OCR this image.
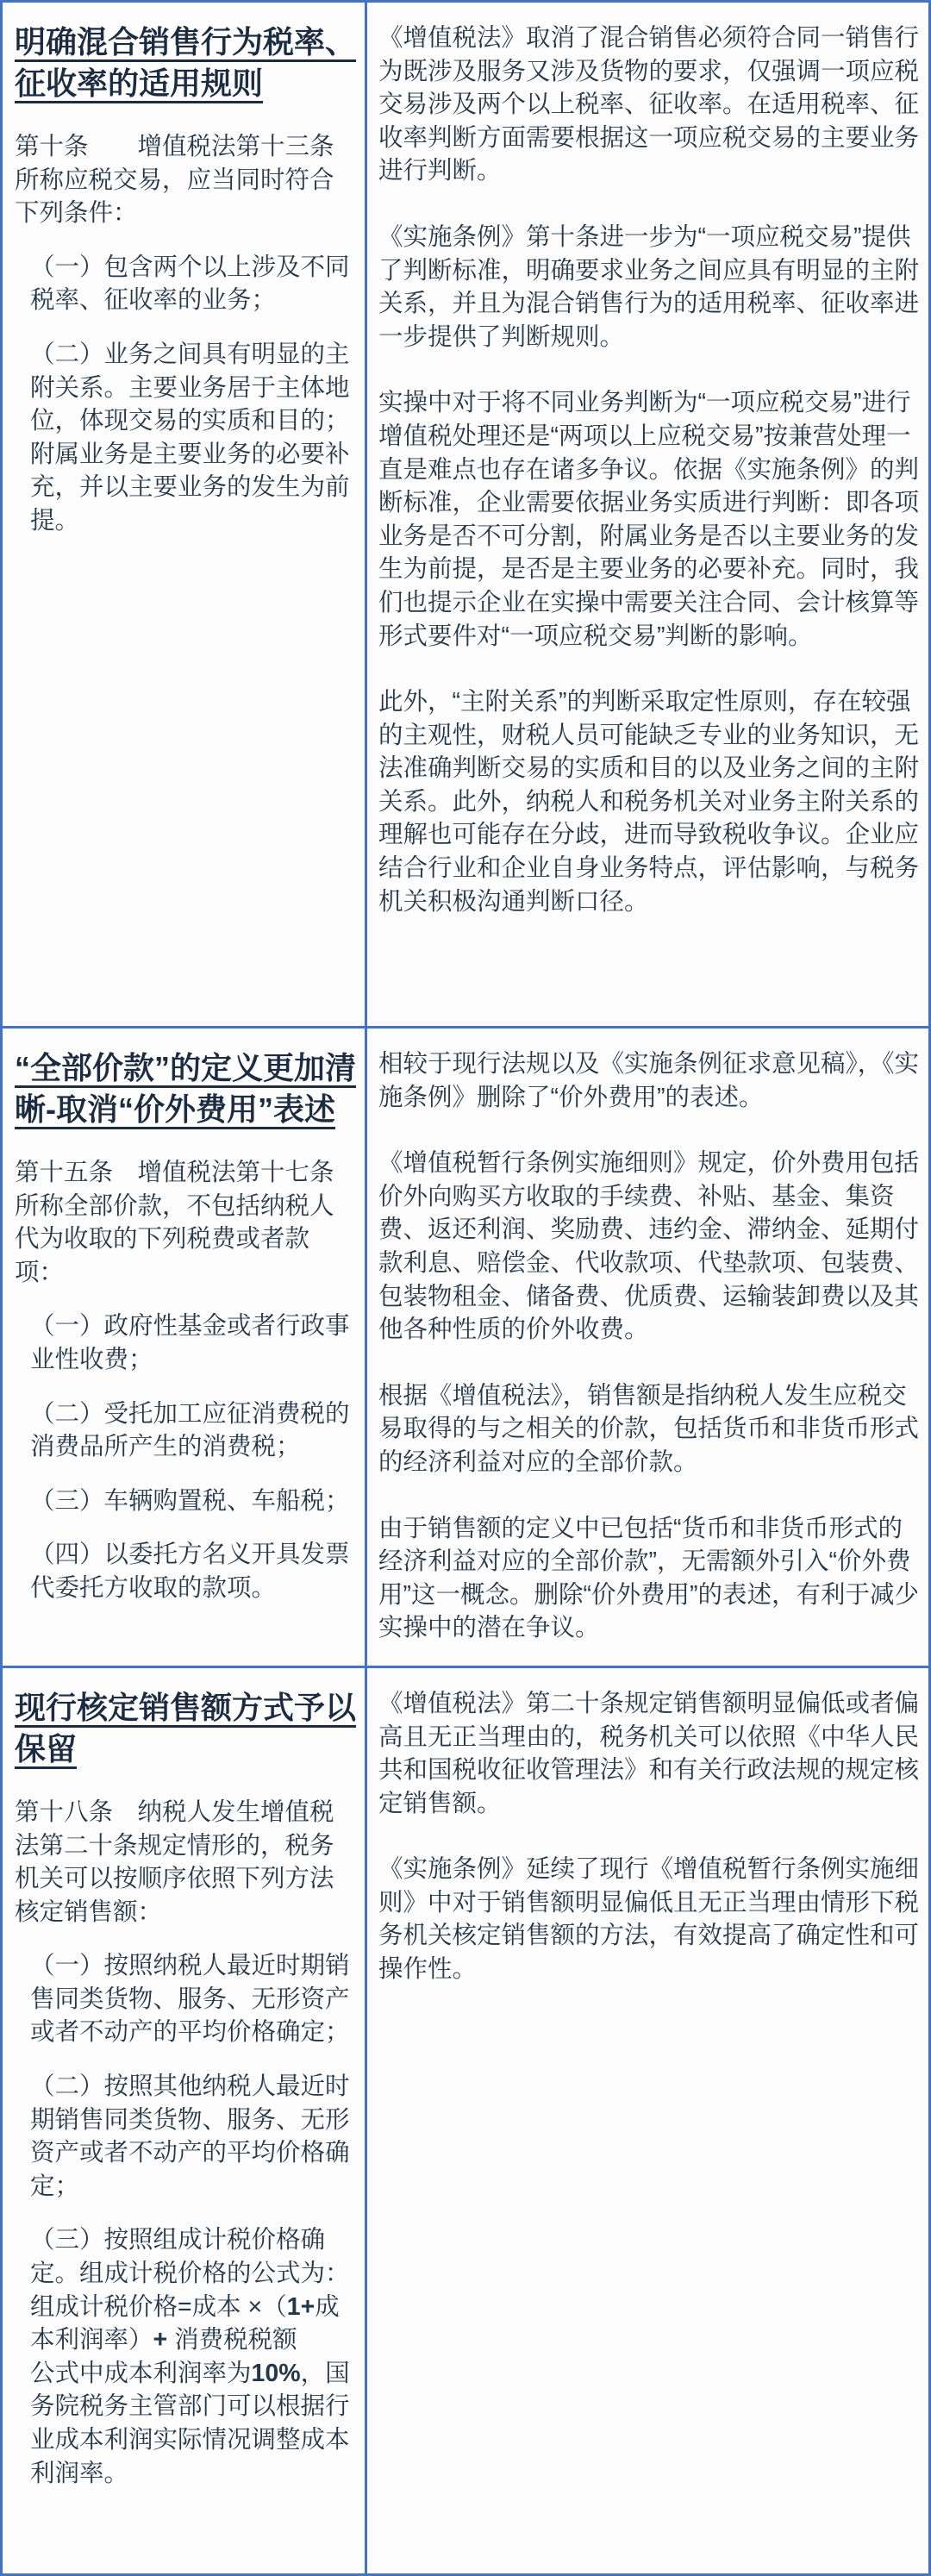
明确混合销售行为税率、征收率的适用规则

第十条　　增值税法第十三条所称应税交易，应当同时符合下列条件：

（一）包含两个以上涉及不同税率、征收率的业务；

（二）业务之间具有明显的主附关系。主要业务居于主体地位，体现交易的实质和目的；附属业务是主要业务的必要补充，并以主要业务的发生为前提。

《增值税法》取消了混合销售必须符合同一销售行为既涉及服务又涉及货物的要求，仅强调一项应税交易涉及两个以上税率、征收率。在适用税率、征收率判断方面需要根据这一项应税交易的主要业务进行判断。

《实施条例》第十条进一步为“一项应税交易”提供了判断标准，明确要求业务之间应具有明显的主附关系，并且为混合销售行为的适用税率、征收率进一步提供了判断规则。

实操中对于将不同业务判断为“一项应税交易”进行增值税处理还是“两项以上应税交易”按兼营处理一直是难点也存在诸多争议。依据《实施条例》的判断标准，企业需要依据业务实质进行判断：即各项业务是否不可分割，附属业务是否以主要业务的发生为前提，是否是主要业务的必要补充。同时，我们也提示企业在实操中需要关注合同、会计核算等形式要件对“一项应税交易”判断的影响。

此外，“主附关系”的判断采取定性原则，存在较强的主观性，财税人员可能缺乏专业的业务知识，无法准确判断交易的实质和目的以及业务之间的主附关系。此外，纳税人和税务机关对业务主附关系的理解也可能存在分歧，进而导致税收争议。企业应结合行业和企业自身业务特点，评估影响，与税务机关积极沟通判断口径。

“全部价款”的定义更加清晰-取消“价外费用”表述

第十五条　增值税法第十七条所称全部价款，不包括纳税人代为收取的下列税费或者款项：

（一）政府性基金或者行政事业性收费；

（二）受托加工应征消费税的消费品所产生的消费税；

（三）车辆购置税、车船税；

（四）以委托方名义开具发票代委托方收取的款项。

相较于现行法规以及《实施条例征求意见稿》，《实施条例》删除了“价外费用”的表述。

《增值税暂行条例实施细则》规定，价外费用包括价外向购买方收取的手续费、补贴、基金、集资费、返还利润、奖励费、违约金、滞纳金、延期付款利息、赔偿金、代收款项、代垫款项、包装费、包装物租金、储备费、优质费、运输装卸费以及其他各种性质的价外收费。

根据《增值税法》，销售额是指纳税人发生应税交易取得的与之相关的价款，包括货币和非货币形式的经济利益对应的全部价款。

由于销售额的定义中已包括“货币和非货币形式的经济利益对应的全部价款”，无需额外引入“价外费用”这一概念。删除“价外费用”的表述，有利于减少实操中的潜在争议。

现行核定销售额方式予以保留

第十八条　纳税人发生增值税法第二十条规定情形的，税务机关可以按顺序依照下列方法核定销售额：

（一）按照纳税人最近时期销售同类货物、服务、无形资产或者不动产的平均价格确定；

（二）按照其他纳税人最近时期销售同类货物、服务、无形资产或者不动产的平均价格确定；

（三）按照组成计税价格确定。组成计税价格的公式为：
组成计税价格=成本 ×（1+成本利润率）+ 消费税税额
公式中成本利润率为10%，国务院税务主管部门可以根据行业成本利润实际情况调整成本利润率。

《增值税法》第二十条规定销售额明显偏低或者偏高且无正当理由的，税务机关可以依照《中华人民共和国税收征收管理法》和有关行政法规的规定核定销售额。

《实施条例》延续了现行《增值税暂行条例实施细则》中对于销售额明显偏低且无正当理由情形下税务机关核定销售额的方法，有效提高了确定性和可操作性。
